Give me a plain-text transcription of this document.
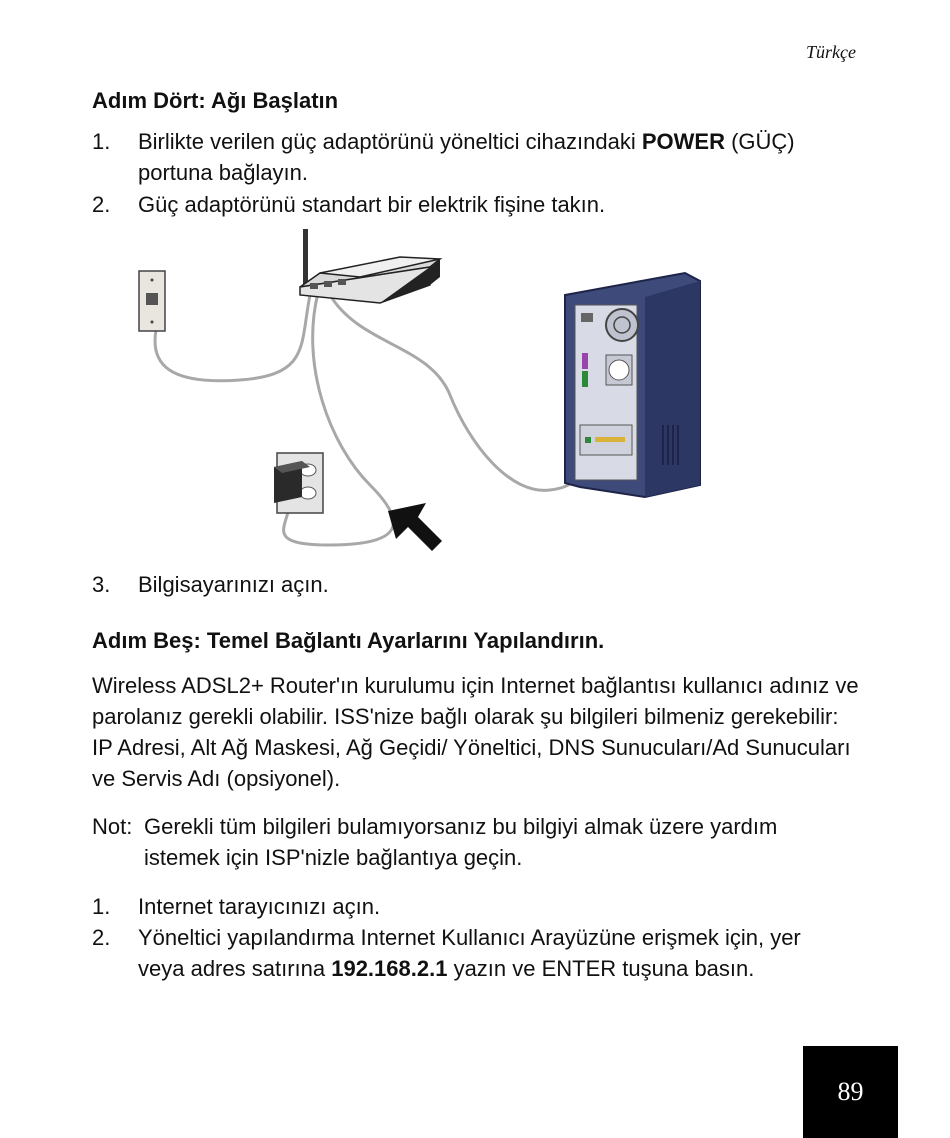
Türkçe
Adım Dört: Ağı Başlatın
1. Birlikte verilen güç adaptörünü yöneltici cihazındaki POWER (GÜÇ) portuna bağlayın.
2. Güç adaptörünü standart bir elektrik fişine takın.
3. Bilgisayarınızı açın.
Adım Beş: Temel Bağlantı Ayarlarını Yapılandırın.
Wireless ADSL2+ Router'ın kurulumu için Internet bağlantısı kullanıcı adınız ve parolanız gerekli olabilir. ISS'nize bağlı olarak şu bilgileri bilmeniz gerekebilir: IP Adresi, Alt Ağ Maskesi, Ağ Geçidi/ Yöneltici, DNS Sunucuları/Ad Sunucuları ve Servis Adı (opsiyonel).
Not: Gerekli tüm bilgileri bulamıyorsanız bu bilgiyi almak üzere yardım istemek için ISP'nizle bağlantıya geçin.
1. Internet tarayıcınızı açın.
2. Yöneltici yapılandırma Internet Kullanıcı Arayüzüne erişmek için, yer veya adres satırına 192.168.2.1 yazın ve ENTER tuşuna basın.
89
